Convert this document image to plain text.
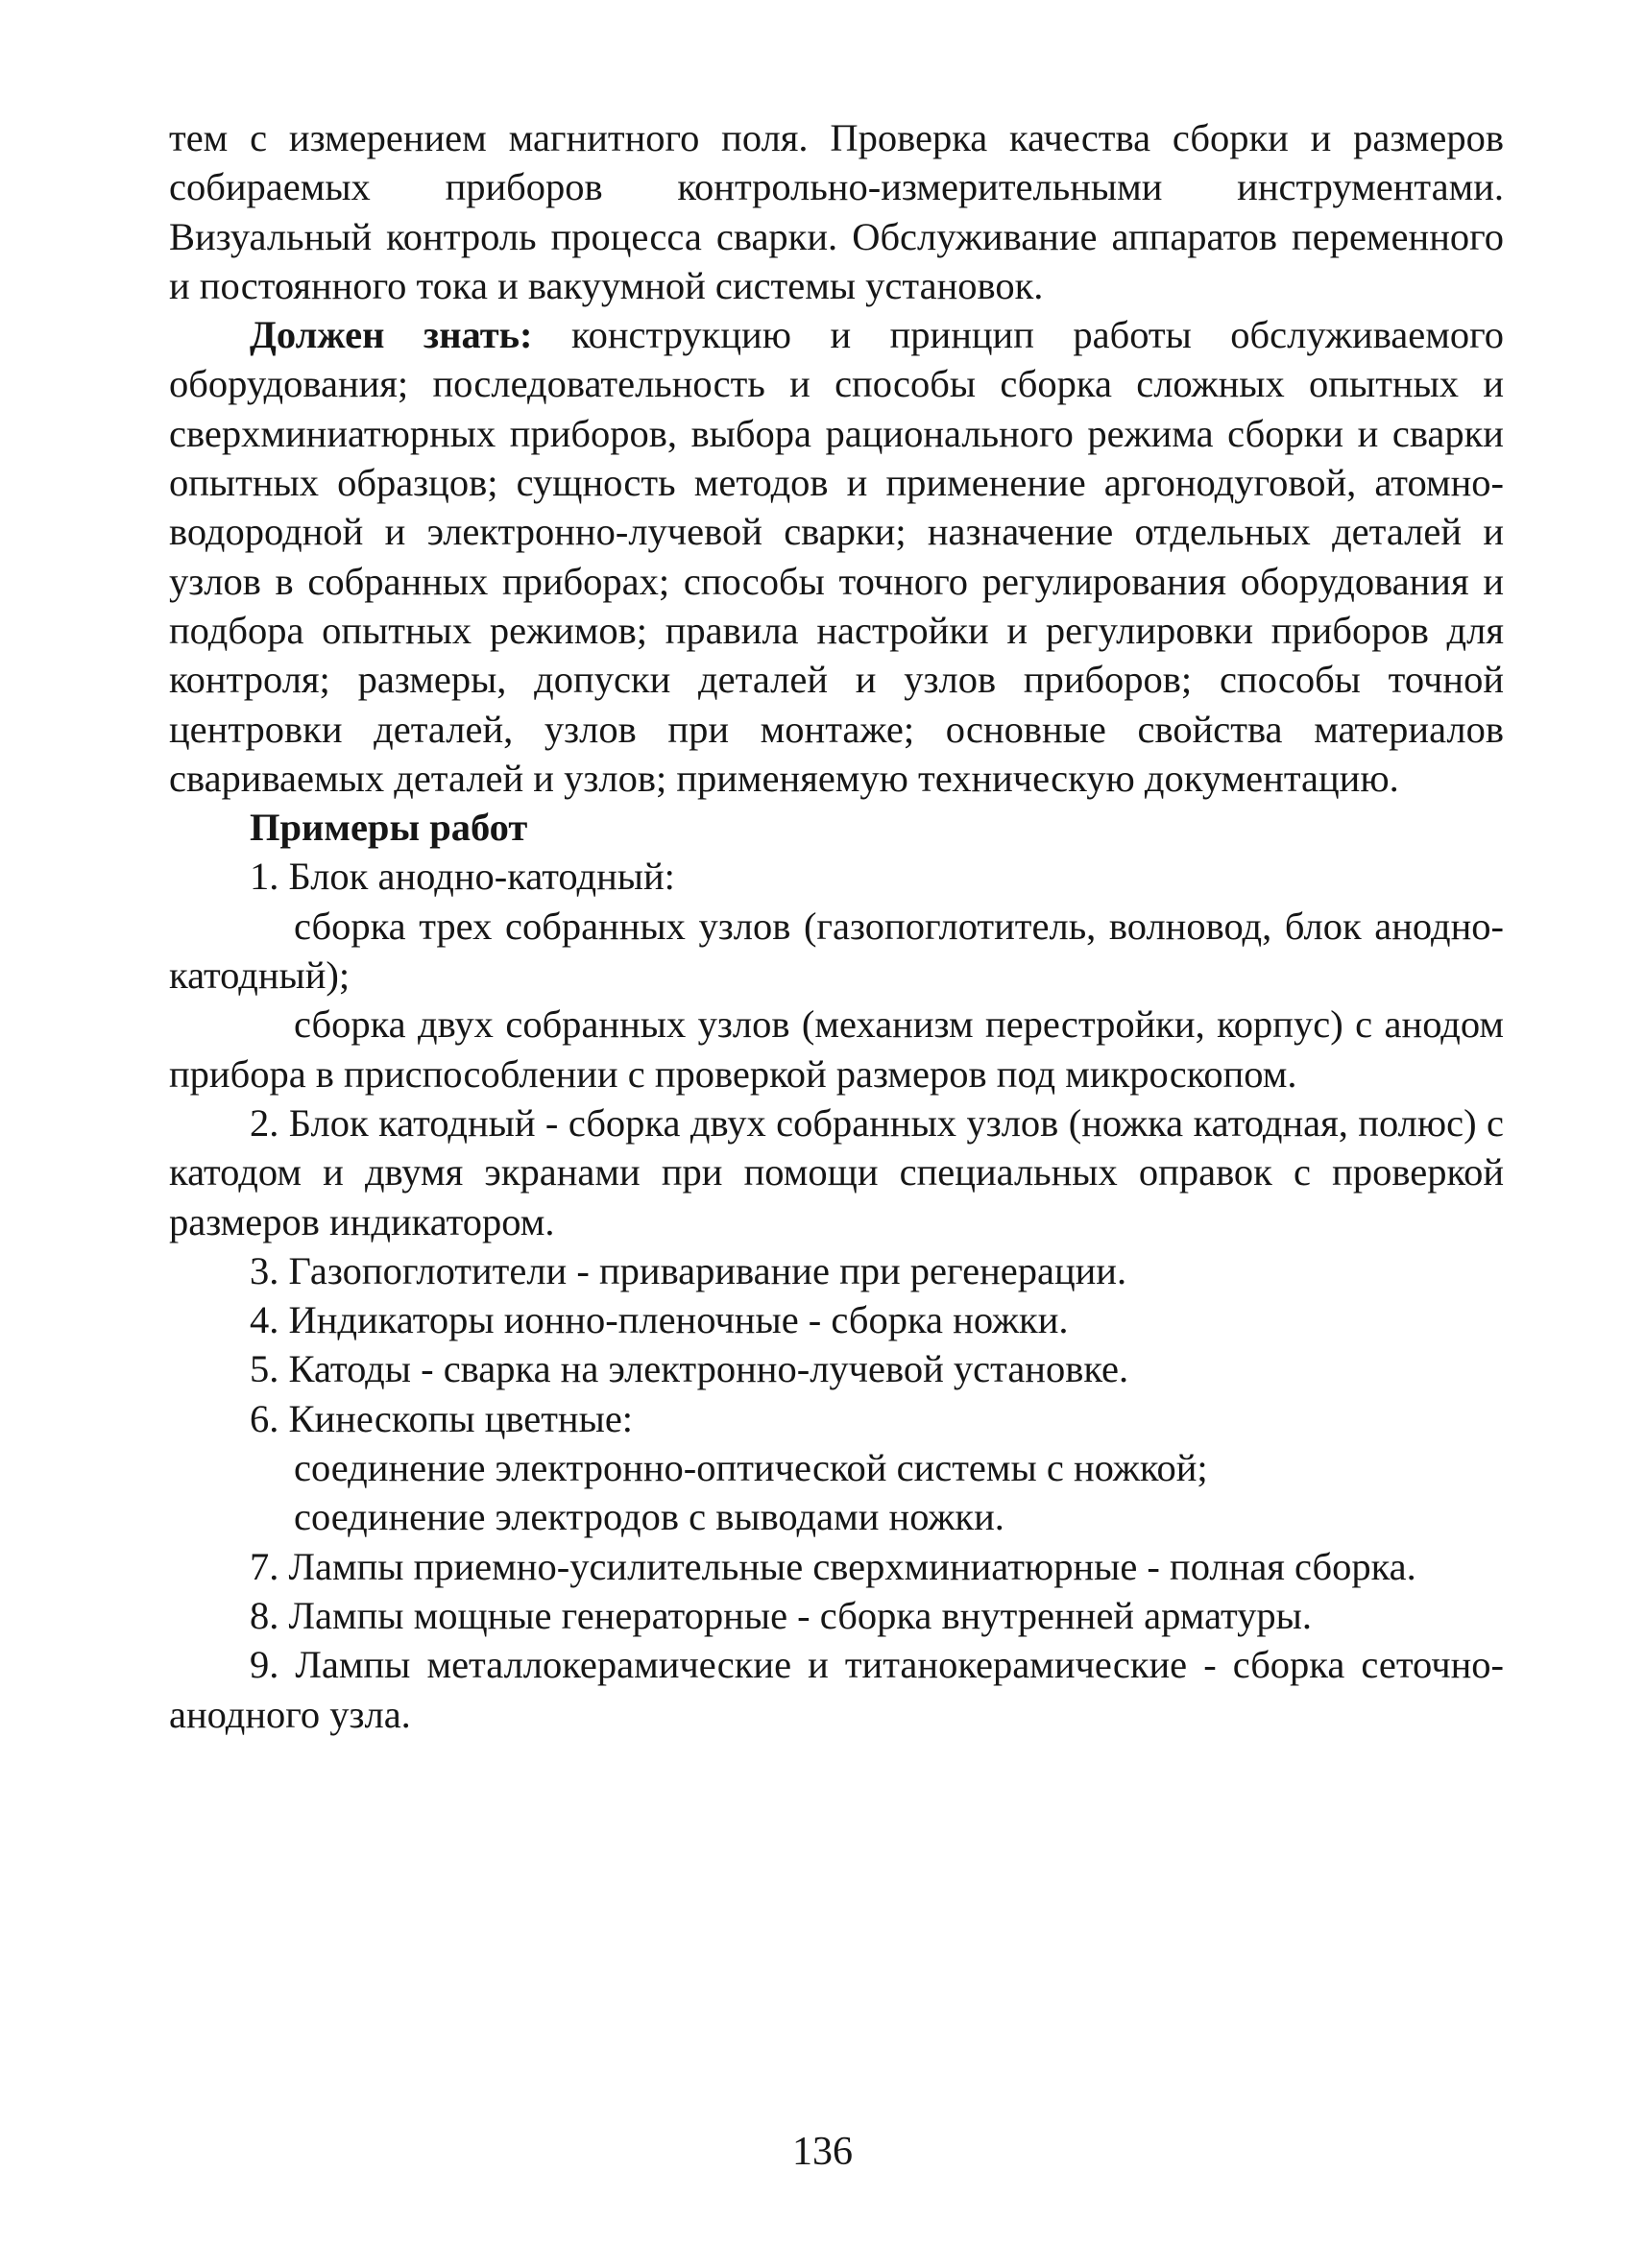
тем с измерением магнитного поля. Проверка качества сборки и размеров собираемых приборов контрольно-измерительными инструментами. Визуальный контроль процесса сварки. Обслуживание аппаратов переменного и постоянного тока и вакуумной системы установок.

Должен знать: конструкцию и принцип работы обслуживаемого оборудования; последовательность и способы сборка сложных опытных и сверхминиатюрных приборов, выбора рационального режима сборки и сварки опытных образцов; сущность методов и применение аргонодуговой, атомно-водородной и электронно-лучевой сварки; назначение отдельных деталей и узлов в собранных приборах; способы точного регулирования оборудования и подбора опытных режимов; правила настройки и регулировки приборов для контроля; размеры, допуски деталей и узлов приборов; способы точной центровки деталей, узлов при монтаже; основные свойства материалов свариваемых деталей и узлов; применяемую техническую документацию.

Примеры работ

1. Блок анодно-катодный:

сборка трех собранных узлов (газопоглотитель, волновод, блок анодно-катодный);

сборка двух собранных узлов (механизм перестройки, корпус) с анодом прибора в приспособлении с проверкой размеров под микроскопом.

2. Блок катодный - сборка двух собранных узлов (ножка катодная, полюс) с катодом и двумя экранами при помощи специальных оправок с проверкой размеров индикатором.

3. Газопоглотители - приваривание при регенерации.

4. Индикаторы ионно-пленочные - сборка ножки.

5. Катоды - сварка на электронно-лучевой установке.

6. Кинескопы цветные:

соединение электронно-оптической системы с ножкой;

соединение электродов с выводами ножки.

7. Лампы приемно-усилительные сверхминиатюрные - полная сборка.

8. Лампы мощные генераторные - сборка внутренней арматуры.

9. Лампы металлокерамические и титанокерамические - сборка сеточно-анодного узла.

136
